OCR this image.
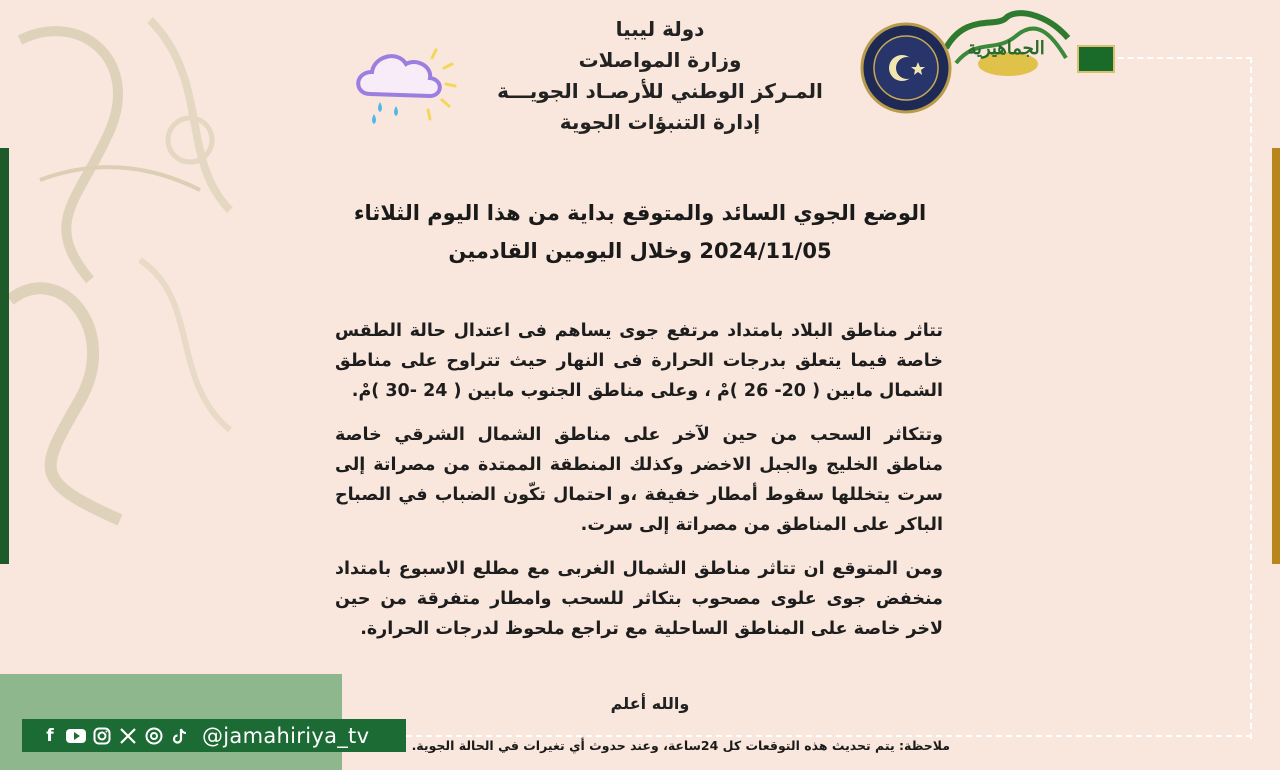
الجماهيرية
دولة ليبيا
وزارة المواصلات
المـركز الوطني للأرصـاد الجويـــة
إدارة التنبؤات الجوية
الوضع الجوي السائد والمتوقع بداية من هذا اليوم الثلاثاء
2024/11/05 وخلال اليومين القادمين

تتاثر مناطق البلاد بامتداد مرتفع جوى يساهم فى اعتدال حالة الطقس خاصة فيما يتعلق بدرجات الحرارة فى النهار حيث تتراوح على مناطق الشمال مابين ( 20- 26 )مْ ، وعلى مناطق الجنوب مابين ( 24 -30 )مْ.

وتتكاثر السحب من حين لآخر على مناطق الشمال الشرقي خاصة مناطق الخليج والجبل الاخضر وكذلك المنطقة الممتدة من مصراتة إلى سرت يتخللها سقوط أمطار خفيفة ،و احتمال تكّون الضباب في الصباح الباكر على المناطق من مصراتة إلى سرت.

ومن المتوقع ان تتاثر مناطق الشمال الغربى مع مطلع الاسبوع بامتداد منخفض جوى علوى مصحوب بتكاثر للسحب وامطار متفرقة من حين لاخر خاصة على المناطق الساحلية مع تراجع ملحوظ لدرجات الحرارة.

والله أعلم
f	@jamahiriya_tv	ملاحظة: يتم تحديث هذه التوقعات كل 24ساعة، وعند حدوث أي تغيرات في الحالة الجوية.
